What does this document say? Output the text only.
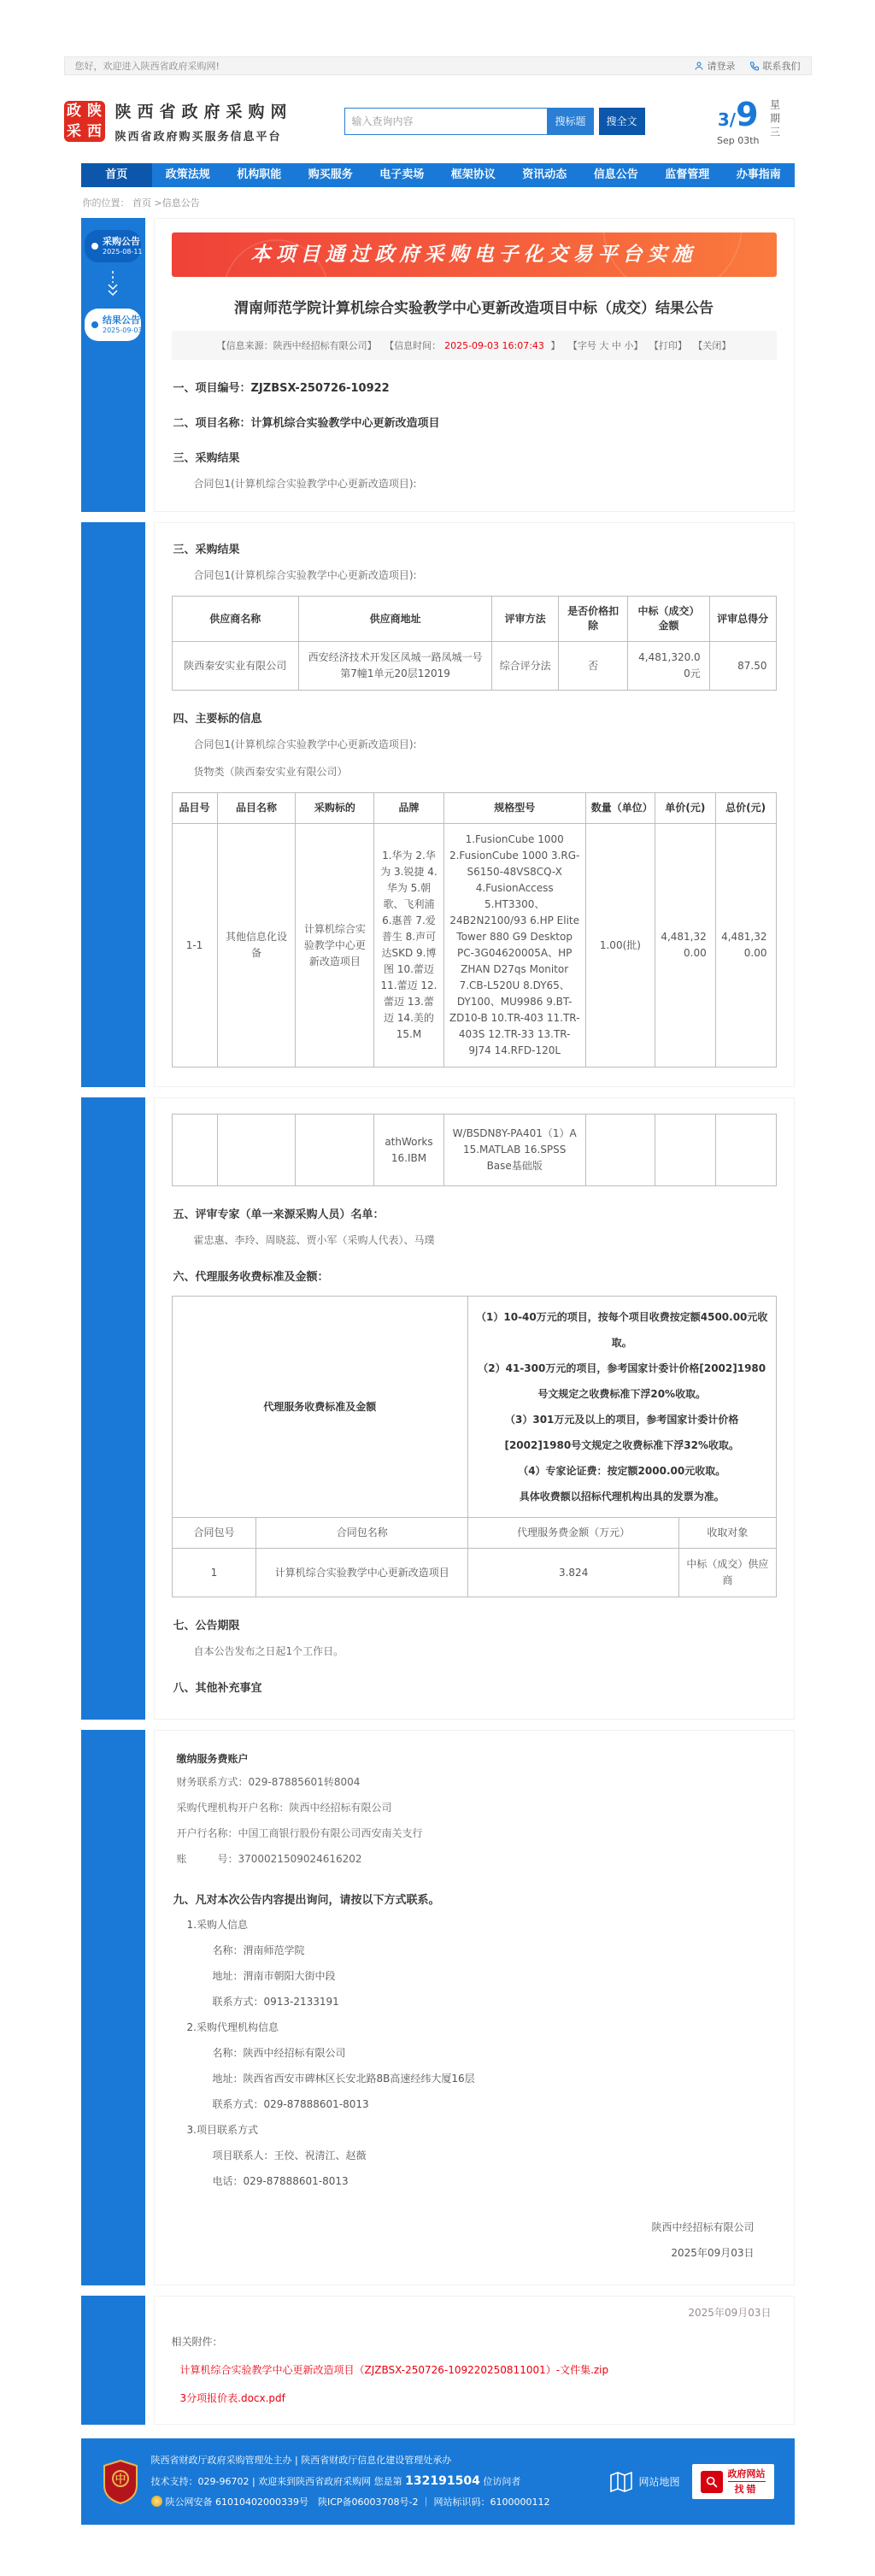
您好，欢迎进入陕西省政府采购网!	请登录	联系我们
政 陕
采 西
陕西省政府采购网
陕西省政府购买服务信息平台
输入查询内容
搜标题	搜全文	3/9
Sep 03th
星期三
首页	政策法规	机构职能	购买服务	电子卖场	框架协议	资讯动态	信息公告	监督管理	办事指南
你的位置： 首页 >信息公告
采购公告
2025-08-11
结果公告
2025-09-03
本项目通过政府采购电子化交易平台实施
渭南师范学院计算机综合实验教学中心更新改造项目中标（成交）结果公告
【信息来源：陕西中经招标有限公司】 【信息时间： 2025-09-03 16:07:43 】 【字号 大 中 小】 【打印】 【关闭】
一、项目编号：ZJZBSX-250726-10922
二、项目名称：计算机综合实验教学中心更新改造项目
三、采购结果
合同包1(计算机综合实验教学中心更新改造项目):
三、采购结果
合同包1(计算机综合实验教学中心更新改造项目):
供应商名称	供应商地址	评审方法	是否价格扣除	中标（成交）金额	评审总得分
陕西秦安实业有限公司	西安经济技术开发区凤城一路凤城一号第7幢1单元20层12019	综合评分法	否	4,481,320.00元	87.50
四、主要标的信息
合同包1(计算机综合实验教学中心更新改造项目):
货物类（陕西秦安实业有限公司）
品目号	品目名称	采购标的	品牌	规格型号	数量（单位）	单价(元)	总价(元)
1-1	其他信息化设备	计算机综合实验教学中心更新改造项目	1.华为 2.华为 3.锐捷 4.华为 5.朝歌、飞利浦 6.惠普 7.爱普生 8.声可达SKD 9.博图 10.蕾迈 11.蕾迈 12.蕾迈 13.蕾迈 14.美的 15.M	1.FusionCube 1000 2.FusionCube 1000 3.RG-S6150-48VS8CQ-X 4.FusionAccess 5.HT3300、24B2N2100/93 6.HP Elite Tower 880 G9 Desktop PC-3G04620005A、HP ZHAN D27qs Monitor 7.CB-L520U 8.DY65、DY100、MU9986 9.BT-ZD10-B 10.TR-403 11.TR-403S 12.TR-33 13.TR-9J74 14.RFD-120L	1.00(批)	4,481,320.00	4,481,320.00
			athWorks 16.IBM	W/BSDN8Y-PA401（1）A 15.MATLAB 16.SPSS Base基础版			
五、评审专家（单一来源采购人员）名单：
霍忠惠、李玲、周晓蕊、贾小军（采购人代表）、马璞
六、代理服务收费标准及金额：
代理服务收费标准及金额		（1）10-40万元的项目，按每个项目收费按定额4500.00元收取。
（2）41-300万元的项目，参考国家计委计价格[2002]1980号文规定之收费标准下浮20%收取。
（3）301万元及以上的项目，参考国家计委计价格[2002]1980号文规定之收费标准下浮32%收取。
（4）专家论证费：按定额2000.00元收取。
具体收费额以招标代理机构出具的发票为准。	

合同包号	合同包名称	代理服务费金额（万元）	收取对象
1	计算机综合实验教学中心更新改造项目	3.824	中标（成交）供应商
七、公告期限
自本公告发布之日起1个工作日。
八、其他补充事宜
缴纳服务费账户
财务联系方式：029-87885601转8004
采购代理机构开户名称：陕西中经招标有限公司
开户行名称：中国工商银行股份有限公司西安南关支行
账　　　号：3700021509024616202
九、凡对本次公告内容提出询问，请按以下方式联系。
1.采购人信息
名称：渭南师范学院
地址：渭南市朝阳大街中段
联系方式：0913-2133191
2.采购代理机构信息
名称：陕西中经招标有限公司
地址：陕西省西安市碑林区长安北路8B高速经纬大厦16层
联系方式：029-87888601-8013
3.项目联系方式
项目联系人：王佼、祝清江、赵薇
电话：029-87888601-8013
陕西中经招标有限公司
2025年09月03日
2025年09月03日
相关附件：
计算机综合实验教学中心更新改造项目（ZJZBSX-250726-109220250811001）-文件集.zip
3分项报价表.docx.pdf
中
陕西省财政厅政府采购管理处主办 | 陕西省财政厅信息化建设管理处承办
技术支持：029-96702 | 欢迎来到陕西省政府采购网 您是第 132191504 位访问者
陕公网安备 61010402000339号　陕ICP备06003708号-2 ｜ 网站标识码：6100000112
网站地图
政府网站
找错
